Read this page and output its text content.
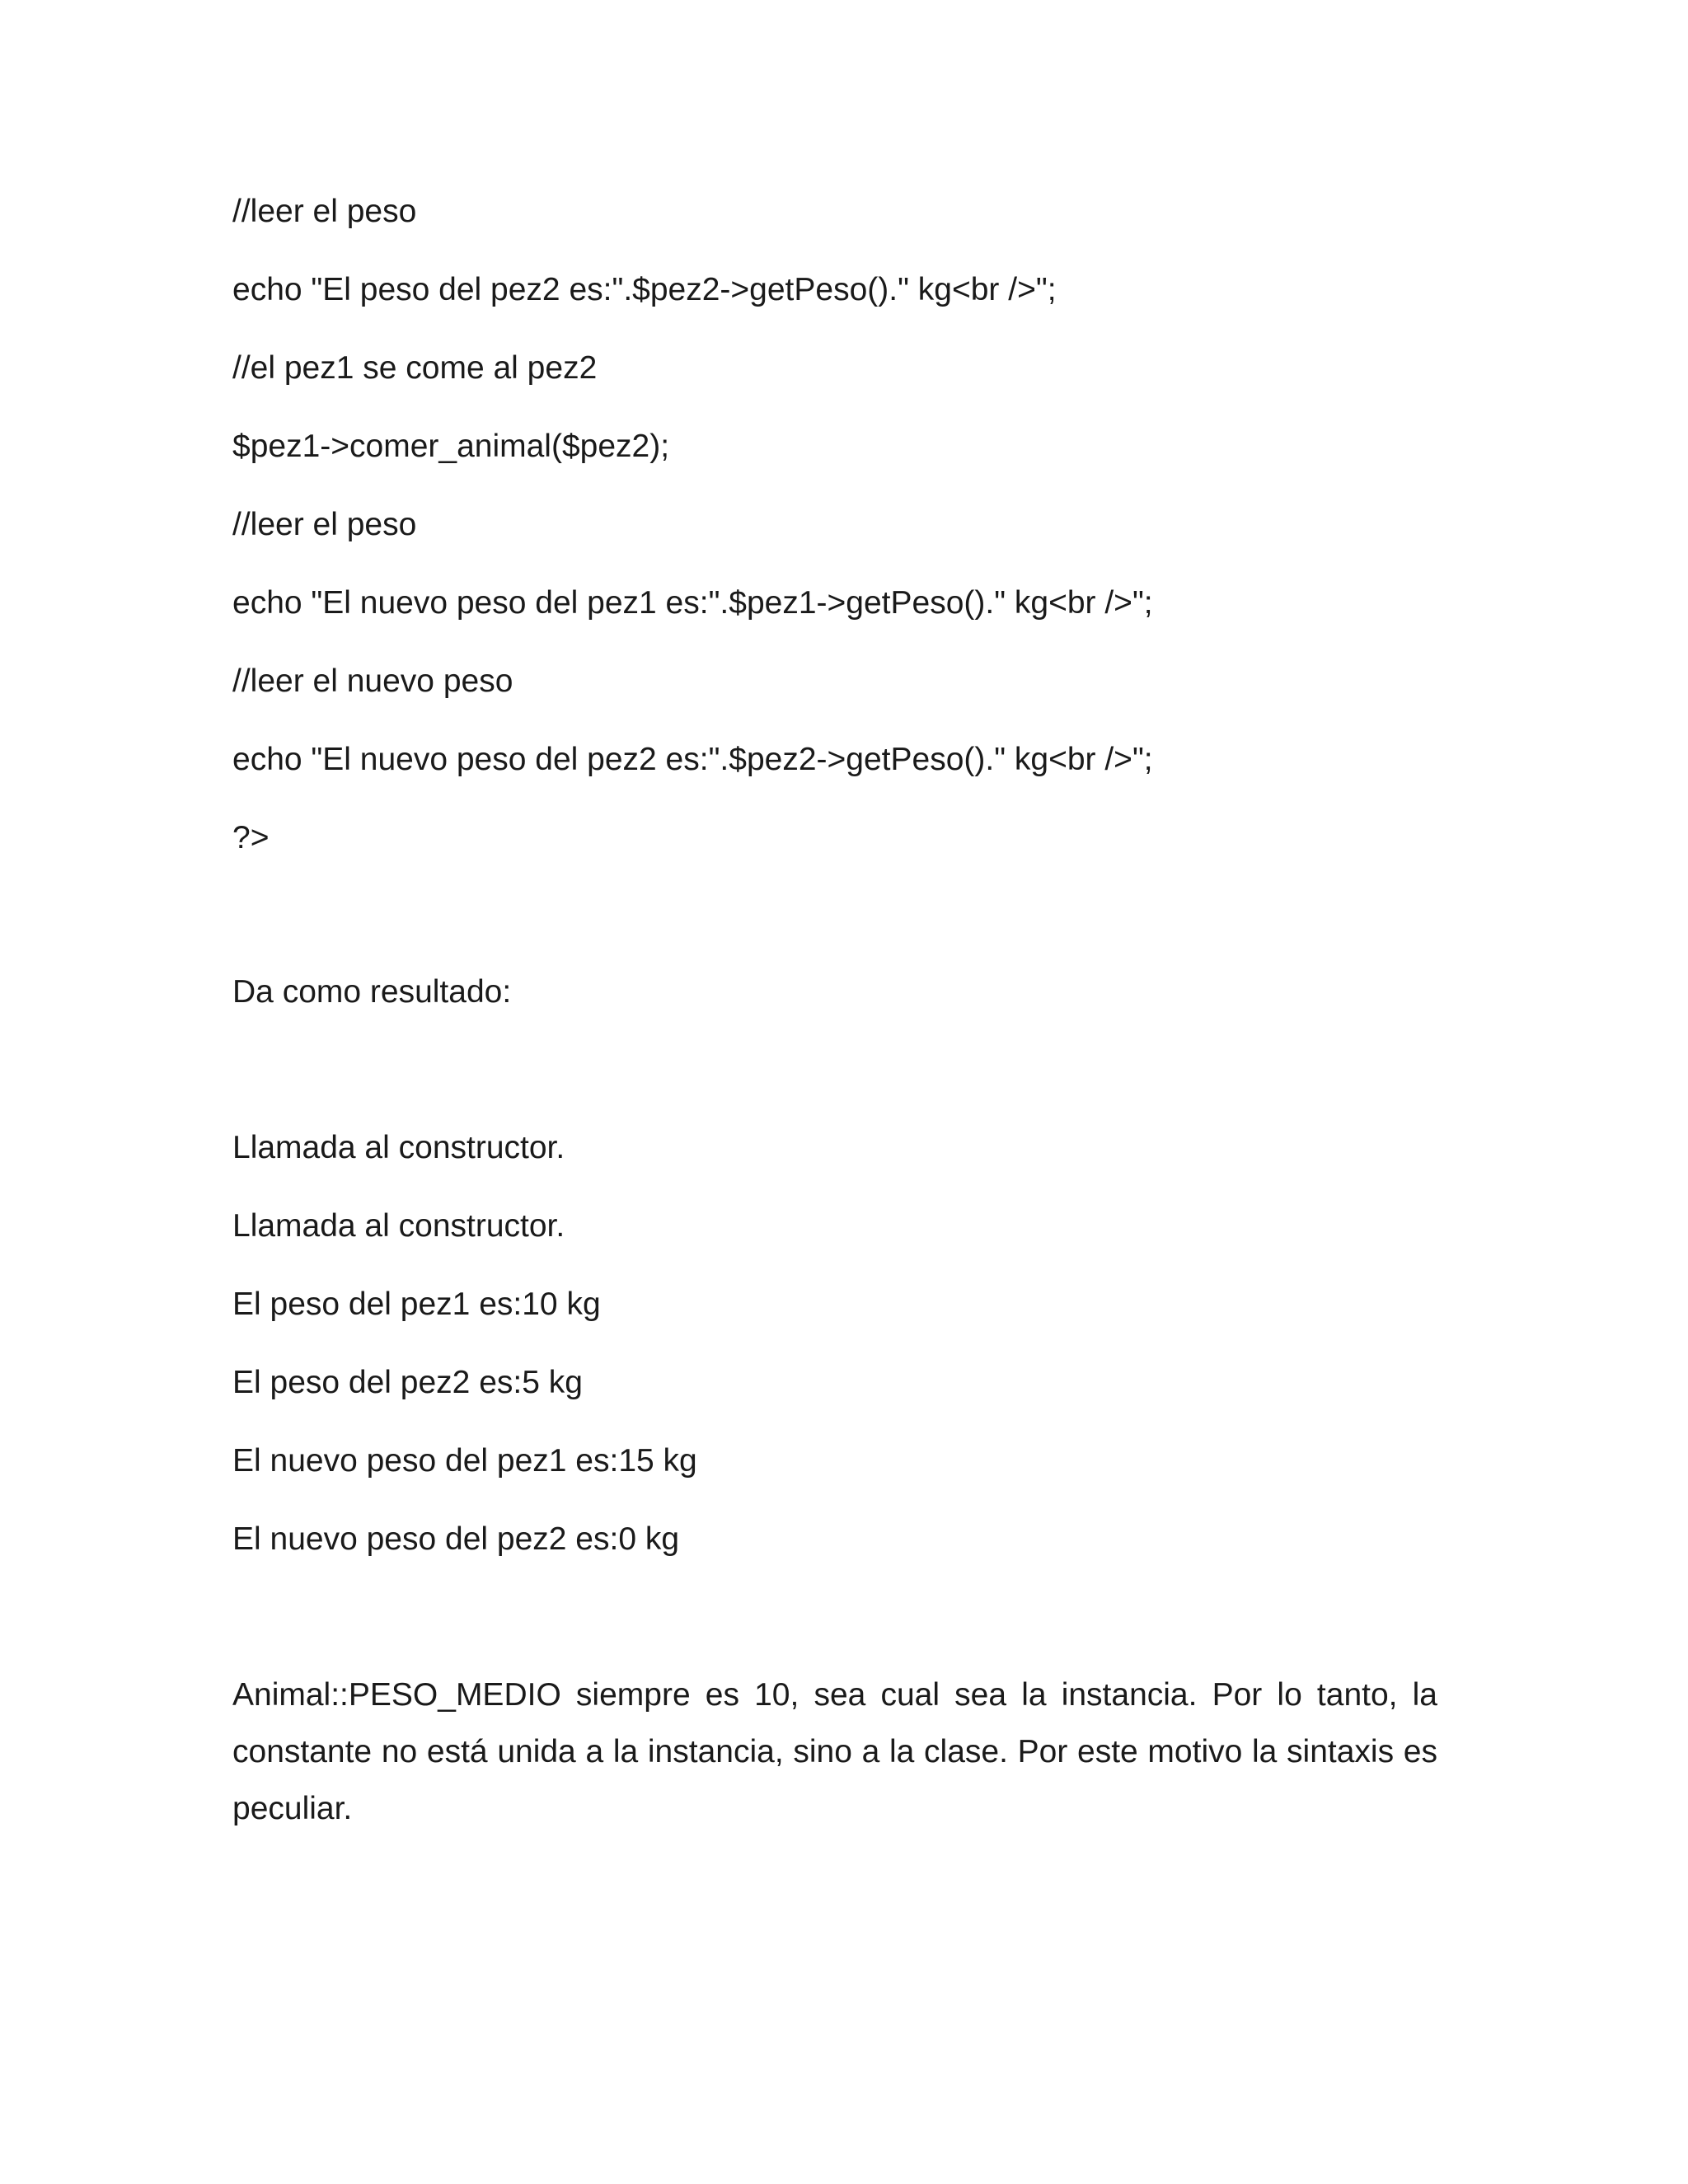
//leer el peso
echo "El peso del pez2 es:".$pez2->getPeso()." kg<br />";
//el pez1 se come al pez2
$pez1->comer_animal($pez2);
//leer el peso
echo "El nuevo peso del pez1 es:".$pez1->getPeso()." kg<br />";
//leer el nuevo peso
echo "El nuevo peso del pez2 es:".$pez2->getPeso()." kg<br />";
?>
Da como resultado:
Llamada al constructor.
Llamada al constructor.
El peso del pez1 es:10 kg
El peso del pez2 es:5 kg
El nuevo peso del pez1 es:15 kg
El nuevo peso del pez2 es:0 kg
Animal::PESO_MEDIO siempre es 10, sea cual sea la instancia. Por lo tanto, la constante no está unida a la instancia, sino a la clase. Por este motivo la sintaxis es peculiar.
